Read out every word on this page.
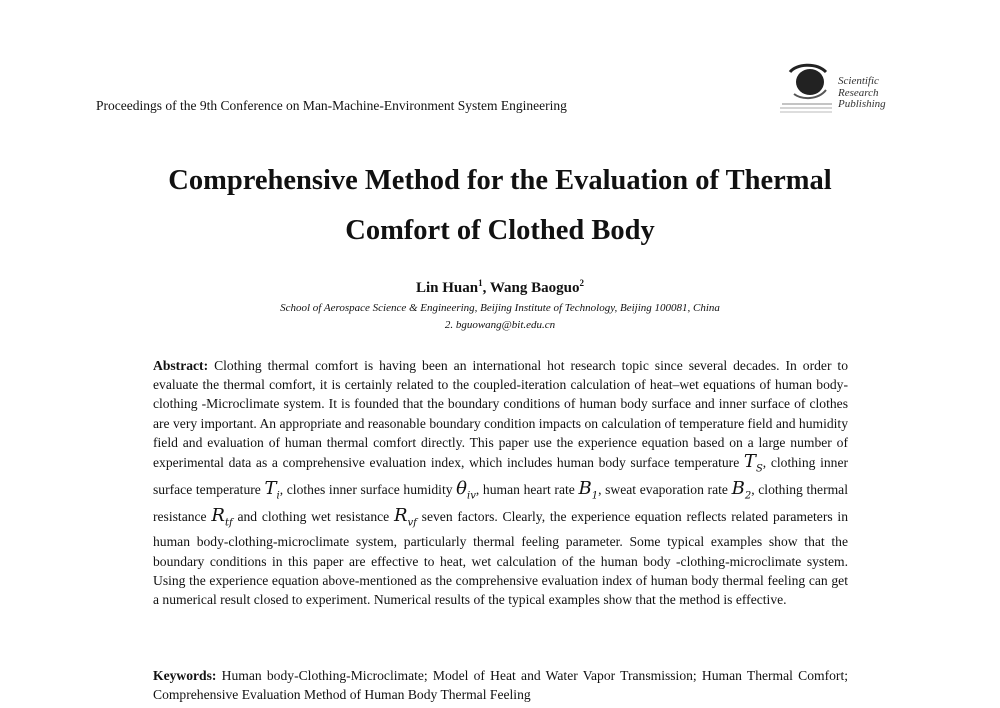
Proceedings of the 9th Conference on Man-Machine-Environment System Engineering
Scientific
Research
Publishing
Comprehensive Method for the Evaluation of Thermal
Comfort of Clothed Body
Lin Huan$^1$, Wang Baoguo$^2$
School of Aerospace Science & Engineering, Beijing Institute of Technology, Beijing 100081, China
2. bguowang@bit.edu.cn
Abstract: Clothing thermal comfort is having been an international hot research topic since several decades. In order to evaluate the thermal comfort, it is certainly related to the coupled-iteration calculation of heat–wet equations of human body-clothing -Microclimate system. It is founded that the boundary conditions of human body surface and inner surface of clothes are very important. An appropriate and reasonable boundary condition impacts on calculation of temperature field and humidity field and evaluation of human thermal comfort directly. This paper use the experience equation based on a large number of experimental data as a comprehensive evaluation index, which includes human body surface temperature $T_S$, clothing inner surface temperature $T_i$, clothes inner surface humidity $\theta_{iv}$, human heart rate $B_1$, sweat evaporation rate $B_2$, clothing thermal resistance $R_{tf}$ and clothing wet resistance $R_{vf}$ seven factors. Clearly, the experience equation reflects related parameters in human body-clothing-microclimate system, particularly thermal feeling parameter. Some typical examples show that the boundary conditions in this paper are effective to heat, wet calculation of the human body -clothing-microclimate system. Using the experience equation above-mentioned as the comprehensive evaluation index of human body thermal feeling can get a numerical result closed to experiment. Numerical results of the typical examples show that the method is effective.
Keywords: Human body-Clothing-Microclimate; Model of Heat and Water Vapor Transmission; Human Thermal Comfort; Comprehensive Evaluation Method of Human Body Thermal Feeling
